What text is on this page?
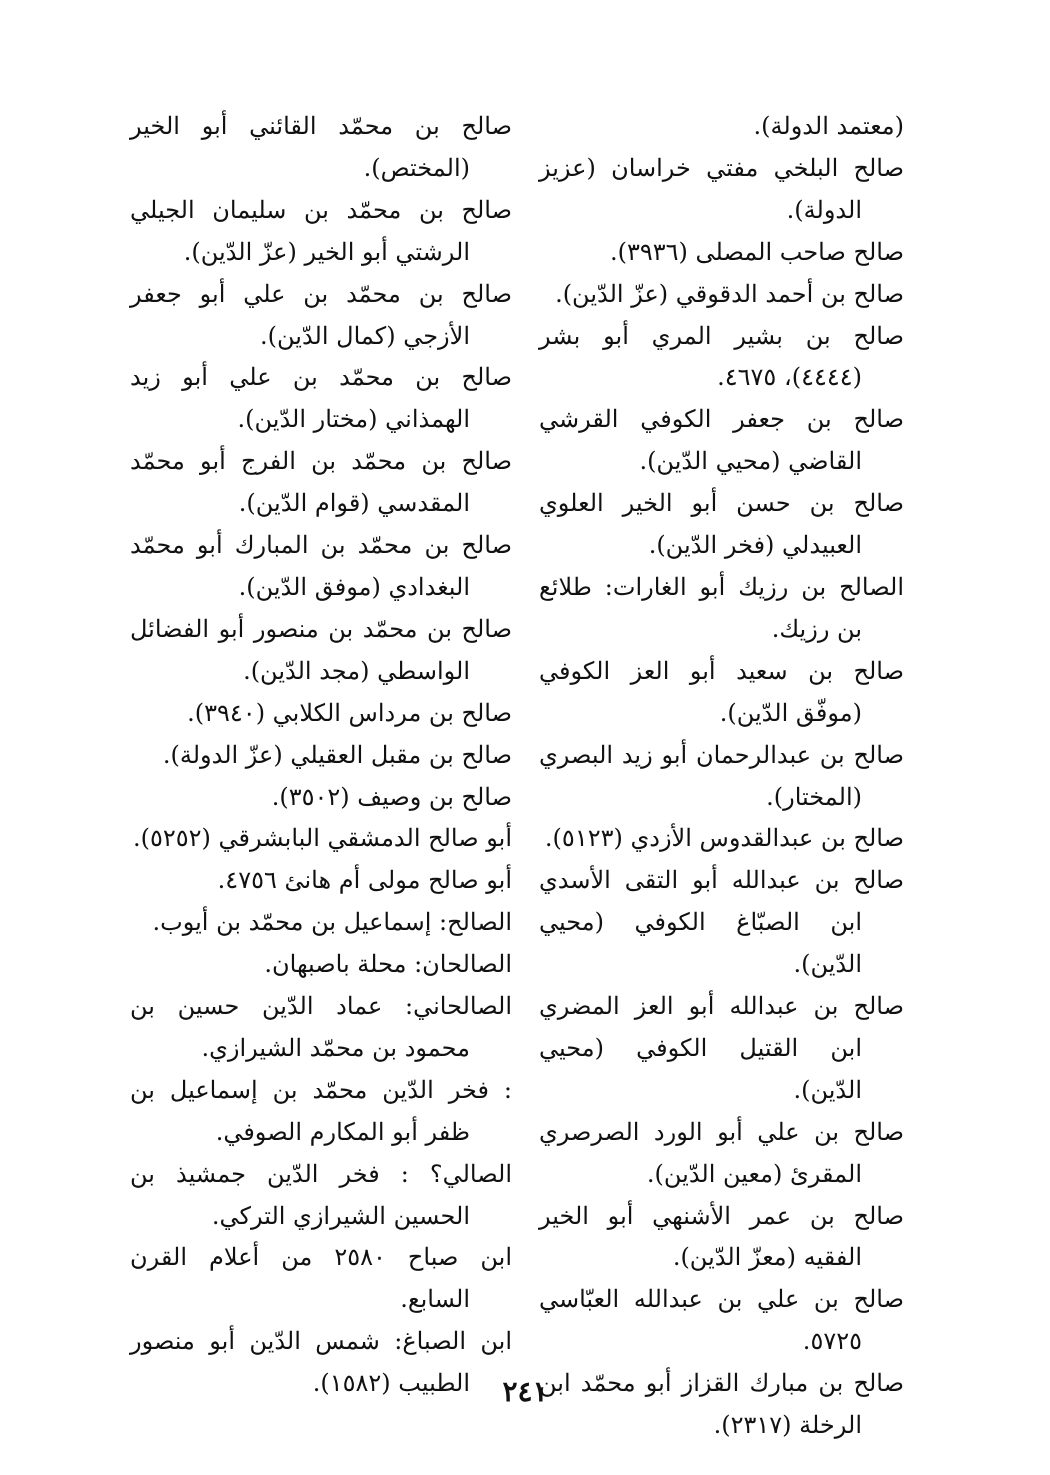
(معتمد الدولة).
صالح البلخي مفتي خراسان (عزيز الدولة).
صالح صاحب المصلى (٣٩٣٦).
صالح بن أحمد الدقوقي (عزّ الدّين).
صالح بن بشير المري أبو بشر (٤٤٤٤)، ٤٦٧٥.
صالح بن جعفر الكوفي القرشي القاضي (محيي الدّين).
صالح بن حسن أبو الخير العلوي العبيدلي (فخر الدّين).
الصالح بن رزيك أبو الغارات: طلائع بن رزيك.
صالح بن سعيد أبو العز الكوفي (موفّق الدّين).
صالح بن عبدالرحمان أبو زيد البصري (المختار).
صالح بن عبدالقدوس الأزدي (٥١٢٣).
صالح بن عبدالله أبو التقى الأسدي ابن الصبّاغ الكوفي (محيي الدّين).
صالح بن عبدالله أبو العز المضري ابن القتيل الكوفي (محيي الدّين).
صالح بن علي أبو الورد الصرصري المقرئ (معين الدّين).
صالح بن عمر الأشنهي أبو الخير الفقيه (معزّ الدّين).
صالح بن علي بن عبدالله العبّاسي ٥٧٢٥.
صالح بن مبارك القزاز أبو محمّد ابن الرخلة (٢٣١٧).
صالح بن محمّد القائني أبو الخير (المختص).
صالح بن محمّد بن سليمان الجيلي الرشتي أبو الخير (عزّ الدّين).
صالح بن محمّد بن علي أبو جعفر الأزجي (كمال الدّين).
صالح بن محمّد بن علي أبو زيد الهمذاني (مختار الدّين).
صالح بن محمّد بن الفرج أبو محمّد المقدسي (قوام الدّين).
صالح بن محمّد بن المبارك أبو محمّد البغدادي (موفق الدّين).
صالح بن محمّد بن منصور أبو الفضائل الواسطي (مجد الدّين).
صالح بن مرداس الكلابي (٣٩٤٠).
صالح بن مقبل العقيلي (عزّ الدولة).
صالح بن وصيف (٣٥٠٢).
أبو صالح الدمشقي البابشرقي (٥٢٥٢).
أبو صالح مولى أم هانئ ٤٧٥٦.
الصالح: إسماعيل بن محمّد بن أيوب.
الصالحان: محلة باصبهان.
الصالحاني: عماد الدّين حسين بن محمود بن محمّد الشيرازي.
: فخر الدّين محمّد بن إسماعيل بن ظفر أبو المكارم الصوفي.
الصالي؟ : فخر الدّين جمشيذ بن الحسين الشيرازي التركي.
ابن صباح ٢٥٨٠ من أعلام القرن السابع.
ابن الصباغ: شمس الدّين أبو منصور الطبيب (١٥٨٢).	٢٤١
